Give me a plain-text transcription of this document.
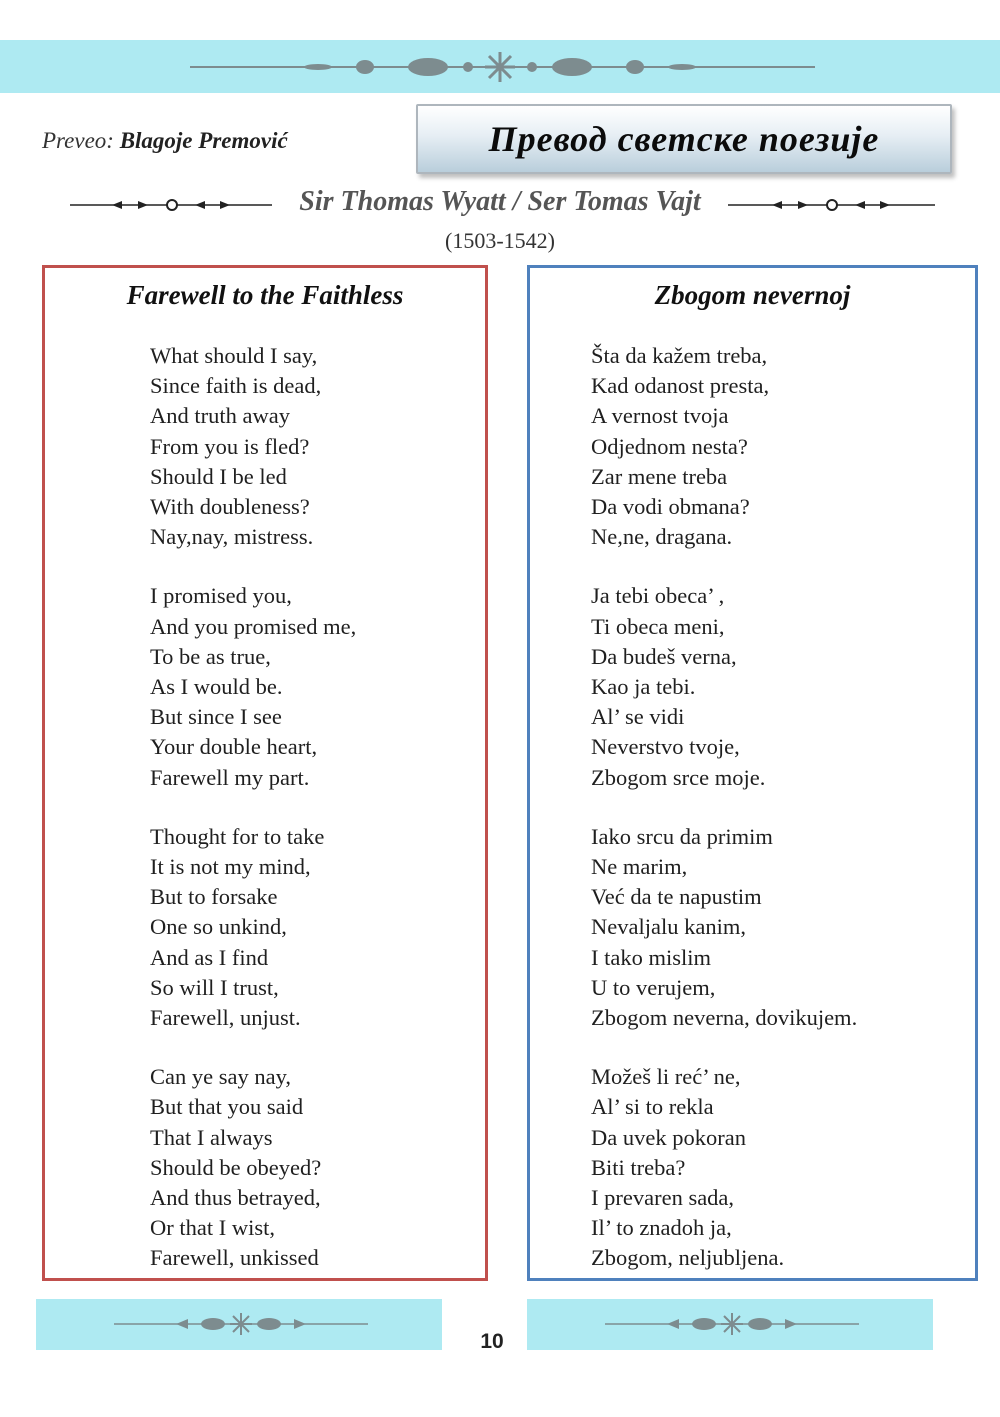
Preveo: Blagoje Premović	Превод светске поезије
Sir Thomas Wyatt / Ser Tomas Vajt
(1503-1542)
Farewell to the Faithless
What should I say,
Since faith is dead,
And truth away
From you is fled?
Should I be led
With doubleness?
Nay,nay, mistress.
I promised you,
And you promised me,
To be as true,
As I would be.
But since I see
Your double heart,
Farewell my part.
Thought for to take
It is not my mind,
But to forsake
One so unkind,
And as I find
So will I trust,
Farewell, unjust.
Can ye say nay,
But that you said
That I always
Should be obeyed?
And thus betrayed,
Or that I wist,
Farewell, unkissed
Zbogom nevernoj
Šta da kažem treba,
Kad odanost presta,
A vernost tvoja
Odjednom nesta?
Zar mene treba
Da vodi obmana?
Ne,ne, dragana.
Ja tebi obeca’ ,
Ti obeca meni,
Da budeš verna,
Kao ja tebi.
Al’ se vidi
Neverstvo tvoje,
Zbogom srce moje.
Iako srcu da primim
Ne marim,
Već da te napustim
Nevaljalu kanim,
I tako mislim
U to verujem,
Zbogom neverna, dovikujem.
Možeš li reć’ ne,
Al’ si to rekla
Da uvek pokoran
Biti treba?
I prevaren sada,
Il’ to znadoh ja,
Zbogom, neljubljena.
10
